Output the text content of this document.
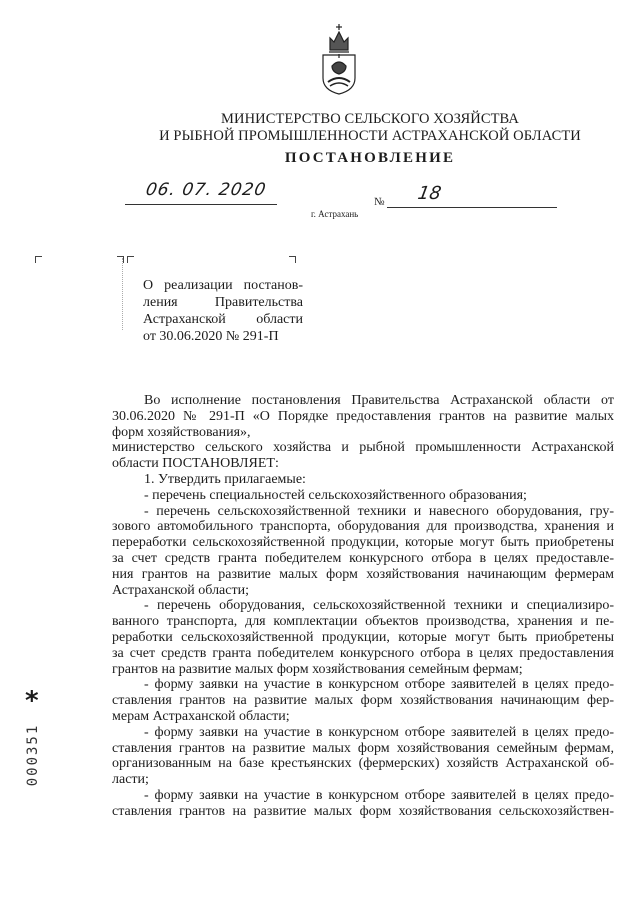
МИНИСТЕРСТВО СЕЛЬСКОГО ХОЗЯЙСТВА
И РЫБНОЙ ПРОМЫШЛЕННОСТИ АСТРАХАНСКОЙ ОБЛАСТИ
ПОСТАНОВЛЕНИЕ
06. 07. 2020
№ 18
г. Астрахань
О реализации постанов-
ления Правительства
Астраханской области
от 30.06.2020 № 291-П
Во исполнение постановления Правительства Астраханской области от
30.06.2020 № 291-П «О Порядке предоставления грантов на развитие малых
форм хозяйствования»,
министерство сельского хозяйства и рыбной промышленности Астраханской
области ПОСТАНОВЛЯЕТ:
1. Утвердить прилагаемые:
- перечень специальностей сельскохозяйственного образования;
- перечень сельскохозяйственной техники и навесного оборудования, гру-
зового автомобильного транспорта, оборудования для производства, хранения и
переработки сельскохозяйственной продукции, которые могут быть приобретены
за счет средств гранта победителем конкурсного отбора в целях предоставле-
ния грантов на развитие малых форм хозяйствования начинающим фермерам
Астраханской области;
- перечень оборудования, сельскохозяйственной техники и специализиро-
ванного транспорта, для комплектации объектов производства, хранения и пе-
реработки сельскохозяйственной продукции, которые могут быть приобретены
за счет средств гранта победителем конкурсного отбора в целях предоставления
грантов на развитие малых форм хозяйствования семейным фермам;
- форму заявки на участие в конкурсном отборе заявителей в целях предо-
ставления грантов на развитие малых форм хозяйствования начинающим фер-
мерам Астраханской области;
- форму заявки на участие в конкурсном отборе заявителей в целях предо-
ставления грантов на развитие малых форм хозяйствования семейным фермам,
организованным на базе крестьянских (фермерских) хозяйств Астраханской об-
ласти;
- форму заявки на участие в конкурсном отборе заявителей в целях предо-
ставления грантов на развитие малых форм хозяйствования сельскохозяйствен-
*
000351
